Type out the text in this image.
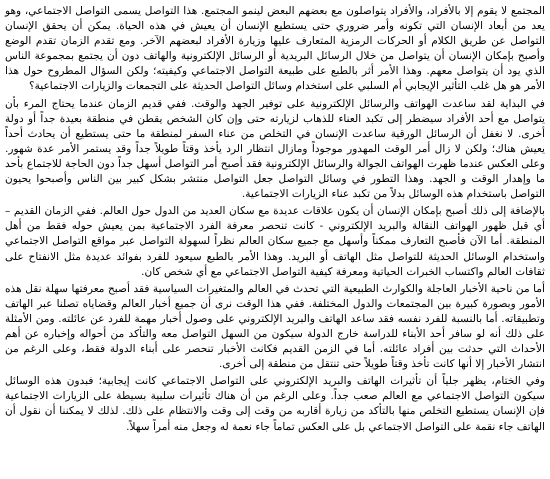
المجتمع لا يقوم إلا بالأفراد، والأفراد يتواصلون مع بعضهم البعض لينمو المجتمع. هذا التواصل يسمى التواصل الاجتماعي، وهو يعد من أبعاد الإنسان التي تكونه وأمر ضروري حتى يستطيع الإنسان أن يعيش في هذه الحياة. يمكن أن يحقق الإنسان التواصل عن طريق الكلام أو الحركات الرمزية المتعارف عليها وزيارة الأفراد لبعضهم الآخر. ومع تقدم الزمان تقدم الوضع وأصبح بإمكان الإنسان أن يتواصل من خلال الرسائل البريدية أو الرسائل الإلكترونية والهاتف دون أن يجتمع بمجموعة الناس الذي يود أن يتواصل معهم. وهذا الأمر أثر بالطبع على طبيعة التواصل الاجتماعي وكيفيته؛ ولكن السؤال المطروح حول هذا الأمر هو هل غلب التأثير الإيجابي أم السلبي على استخدام وسائل التواصل الحديثة على التجمعات والزيارات الاجتماعية؟

في البداية لقد ساعدت الهواتف والرسائل الإلكترونية على توفير الجهد والوقت. ففي قديم الزمان عندما يحتاج المرء بأن يتواصل مع أحد الأفراد سيضطر إلى تكبد العناء للذهاب لزيارته حتى وإن كان الشخص يقطن في منطقة بعيدة جداً أو دولة أخرى. لا نغفل أن الرسائل الورقية ساعدت الإنسان في التخلص من عناء السفر لمنطقة ما حتى يستطيع أن يحادث أحداً يعيش هناك؛ ولكن لا زال أمر الوقت المهدور موجوداً ومازال انتظار الرد يأخذ وقتاً طويلاً جداً وقد يستمر الأمر عدة شهور. وعلى العكس عندما ظهرت الهواتف الجوالة والرسائل الإلكترونية فقد أصبح أمر التواصل أسهل جداً دون الحاجة للاجتماع بأحد ما وإهدار الوقت و الجهد. وهذا التطور في وسائل التواصل جعل التواصل منتشر بشكل كبير بين الناس وأصبحوا يحيون التواصل باستخدام هذه الوسائل بدلاً من تكبد عناء الزيارات الاجتماعية.

بالإضافة إلى ذلك أصبح بإمكان الإنسان أن يكون علاقات عديدة مع سكان العديد من الدول حول العالم. ففي الزمان القديم – أي قبل ظهور الهواتف النقالة والبريد الإلكتروني - كانت تنحصر معرفة الفرد الاجتماعية بمن يعيش حوله فقط من أهل المنطقة. أما الآن فأصبح التعارف ممكناً وأسهل مع جميع سكان العالم نظراً لسهولة التواصل عبر مواقع التواصل الاجتماعي واستخدام الوسائل الحديثة للتواصل مثل الهاتف أو البريد. وهذا الأمر بالطبع سيعود للفرد بفوائد عديدة مثل الانفتاح على ثقافات العالم واكتساب الخبرات الحياتية ومعرفة كيفية التواصل الاجتماعي مع أي شخص كان.

أما من ناحية الأخبار العاجلة والكوارث الطبيعية التي تحدث في العالم والمتغيرات السياسية فقد أصبح معرفتها سهلة نقل هذه الأمور وبصورة كبيرة بين المجتمعات والدول المختلفة. ففي هذا الوقت نرى أن جميع أخبار العالم وقضاياه تصلنا عبر الهاتف وتطبيقاته. أما بالنسبة للفرد نفسه فقد ساعد الهاتف والبريد الإلكتروني على وصول أخبار مهمة للفرد عن عائلته. ومن الأمثلة على ذلك أنه لو سافر أحد الأبناء للدراسة خارج الدولة سيكون من السهل التواصل معه والتأكد من أحواله وإخباره عن أهم الأحداث التي حدثت بين أفراد عائلته. أما في الزمن القديم فكانت الأخبار تنحصر على أبناء الدولة فقط، وعلى الرغم من انتشار الأخبار إلا أنها كانت تأخذ وقتاً طويلاً حتى تنتقل من منطقة إلى أخرى.

وفي الختام، يظهر جلياً أن تأثيرات الهاتف والبريد الإلكتروني على التواصل الاجتماعي كانت إيجابية؛ فبدون هذه الوسائل سيكون التواصل الاجتماعي مع العالم صعب جداً. وعلى الرغم من أن هناك تأثيرات سلبية بسيطة على الزيارات الاجتماعية فإن الإنسان يستطيع التخلص منها بالتأكد من زيارة أقاربه من وقت إلى وقت والانتظام على ذلك. لذلك لا يمكننا أن نقول أن الهاتف جاء نقمة على التواصل الاجتماعي بل على العكس تماماً جاء نعمة له وجعل منه أمراً سهلاً.
